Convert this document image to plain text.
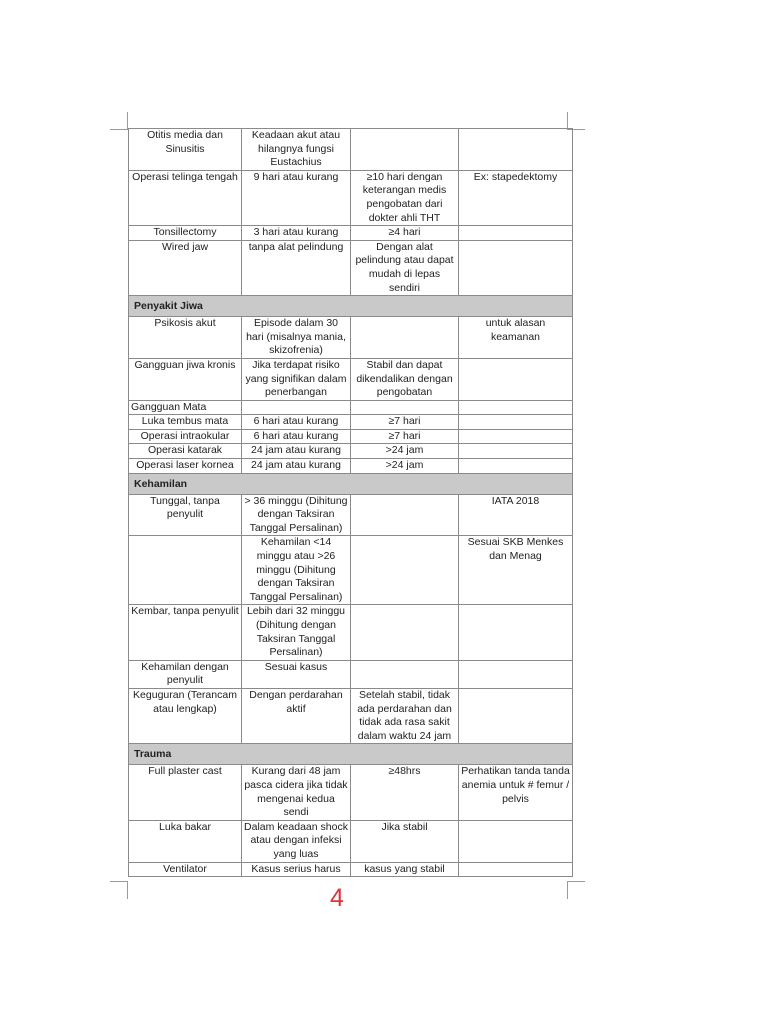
Otitis media dan Sinusitis	Keadaan akut atau hilangnya fungsi Eustachius		
Operasi telinga tengah	9 hari atau kurang	≥10 hari dengan keterangan medis pengobatan dari dokter ahli THT	Ex: stapedektomy
Tonsillectomy	3 hari atau kurang	≥4 hari	
Wired jaw	tanpa alat pelindung	Dengan alat pelindung atau dapat mudah di lepas sendiri	
Penyakit Jiwa			
Psikosis akut	Episode dalam 30 hari (misalnya mania, skizofrenia)		untuk alasan keamanan
Gangguan jiwa kronis	Jika terdapat risiko yang signifikan dalam penerbangan	Stabil dan dapat dikendalikan dengan pengobatan	
Gangguan Mata			
Luka tembus mata	6 hari atau kurang	≥7 hari	
Operasi intraokular	6 hari atau kurang	≥7 hari	
Operasi katarak	24 jam atau kurang	>24 jam	
Operasi laser kornea	24 jam atau kurang	>24 jam	
Kehamilan			
Tunggal, tanpa penyulit	> 36 minggu (Dihitung dengan Taksiran Tanggal Persalinan)		IATA 2018
	Kehamilan <14 minggu atau >26 minggu (Dihitung dengan Taksiran Tanggal Persalinan)		Sesuai SKB Menkes dan Menag
Kembar, tanpa penyulit	Lebih dari 32 minggu (Dihitung dengan Taksiran Tanggal Persalinan)		
Kehamilan dengan penyulit	Sesuai kasus		
Keguguran (Terancam atau lengkap)	Dengan perdarahan aktif	Setelah stabil, tidak ada perdarahan dan tidak ada rasa sakit dalam waktu 24 jam	
Trauma			
Full plaster cast	Kurang dari 48 jam pasca cidera jika tidak mengenai kedua sendi	≥48hrs	Perhatikan tanda tanda anemia untuk # femur / pelvis
Luka bakar	Dalam keadaan shock atau dengan infeksi yang luas	Jika stabil	
Ventilator	Kasus serius harus	kasus yang stabil	
4
